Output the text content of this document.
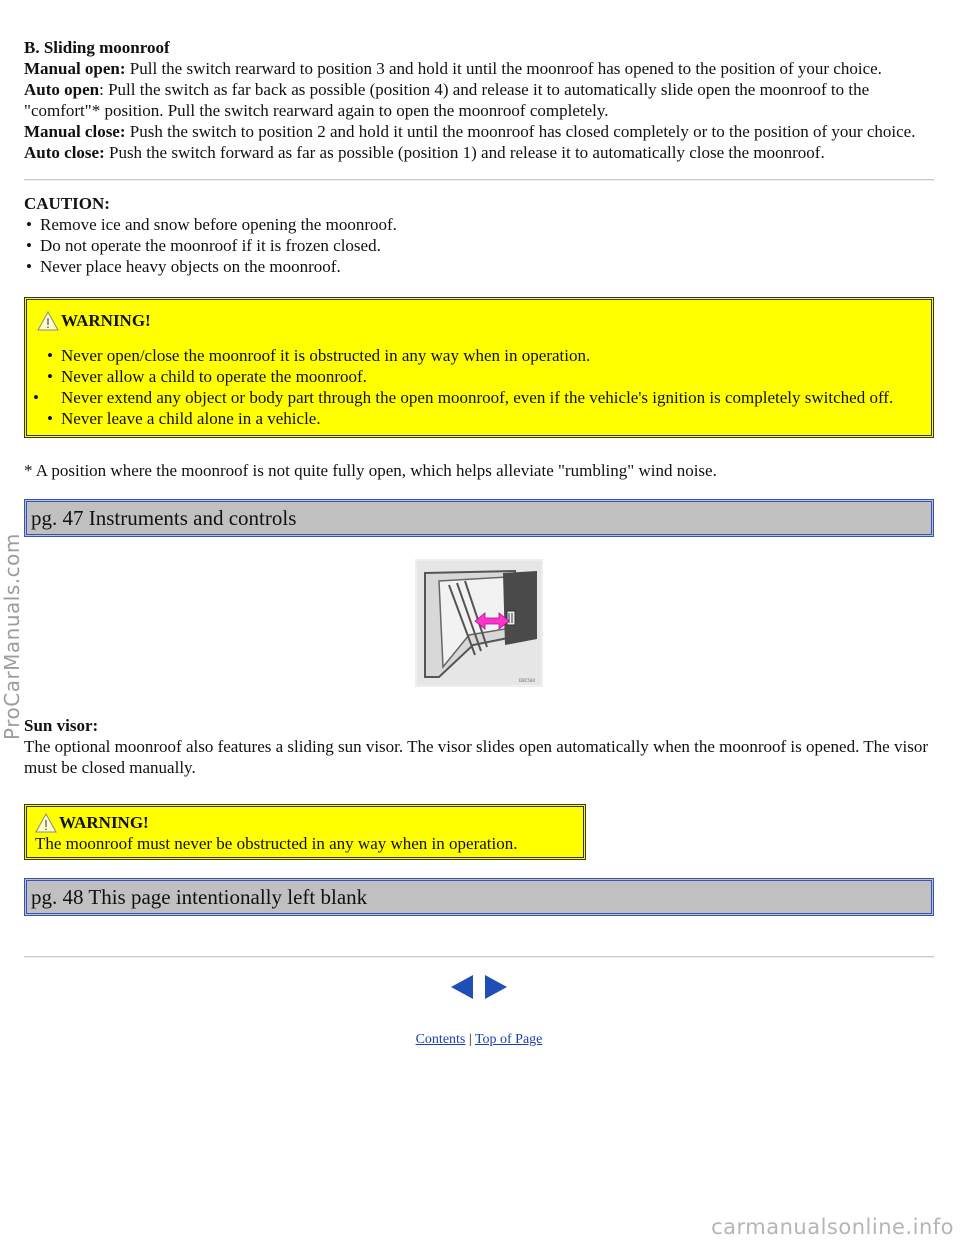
B. Sliding moonroof

Manual open: Pull the switch rearward to position 3 and hold it until the moonroof has opened to the position of your choice.

Auto open: Pull the switch as far back as possible (position 4) and release it to automatically slide open the moonroof to the "comfort"* position. Pull the switch rearward again to open the moonroof completely.

Manual close: Push the switch to position 2 and hold it until the moonroof has closed completely or to the position of your choice.

Auto close: Push the switch forward as far as possible (position 1) and release it to automatically close the moonroof.

CAUTION:

• Remove ice and snow before opening the moonroof.
• Do not operate the moonroof if it is frozen closed.
• Never place heavy objects on the moonroof.
WARNING!
• Never open/close the moonroof it is obstructed in any way when in operation.
• Never allow a child to operate the moonroof.
• Never extend any object or body part through the open moonroof, even if the vehicle's ignition is completely switched off.
• Never leave a child alone in a vehicle.

* A position where the moonroof is not quite fully open, which helps alleviate "rumbling" wind noise.

pg. 47 Instruments and controls
D8C584

Sun visor:

The optional moonroof also features a sliding sun visor. The visor slides open automatically when the moonroof is opened. The visor must be closed manually.

WARNING!

The moonroof must never be obstructed in any way when in operation.

pg. 48 This page intentionally left blank

Contents | Top of Page
ProCarManuals.com
carmanualsonline.info
